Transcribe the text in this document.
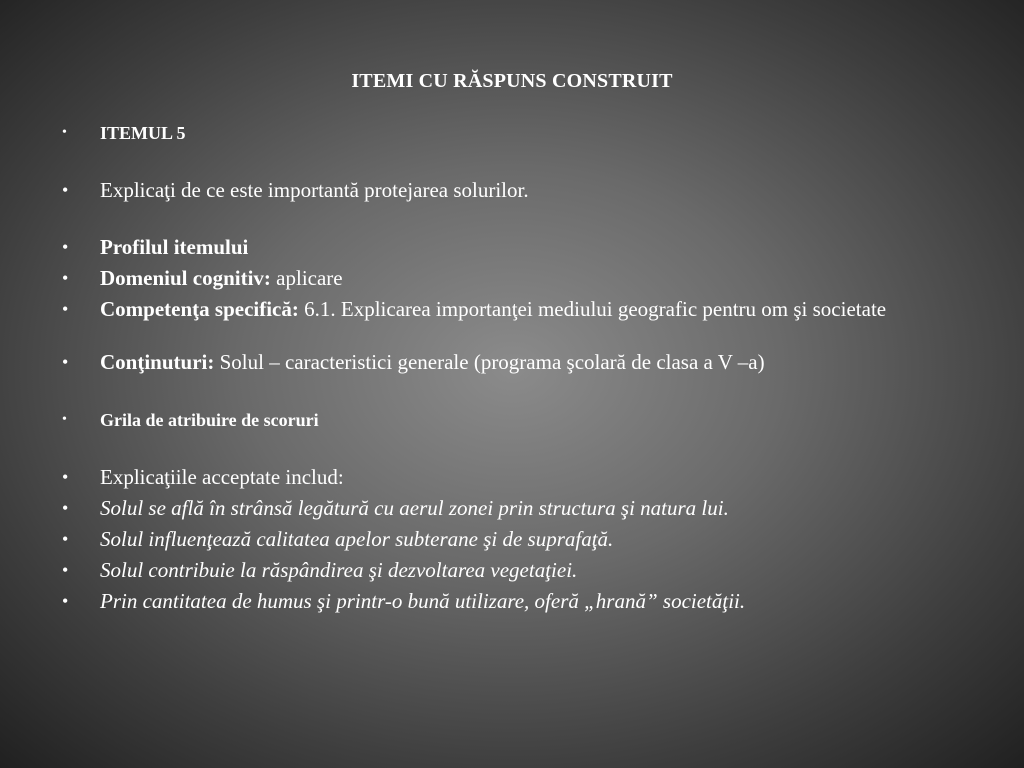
ITEMI CU RĂSPUNS CONSTRUIT
•	ITEMUL 5
•	Explicaţi de ce este importantă protejarea solurilor.
•	Profilul itemului
•	Domeniul cognitiv: aplicare
•	Competenţa specifică: 6.1. Explicarea importanţei mediului geografic pentru om şi societate
•	Conţinuturi: Solul – caracteristici generale (programa şcolară de clasa a V –a)
•	Grila de atribuire de scoruri
•	Explicaţiile acceptate includ:
•	Solul se află în strânsă legătură cu aerul zonei prin structura şi natura lui.
•	Solul influenţează calitatea apelor subterane şi de suprafaţă.
•	Solul contribuie la răspândirea şi dezvoltarea vegetaţiei.
•	Prin cantitatea de humus şi printr-o bună utilizare, oferă „hrană” societăţii.
